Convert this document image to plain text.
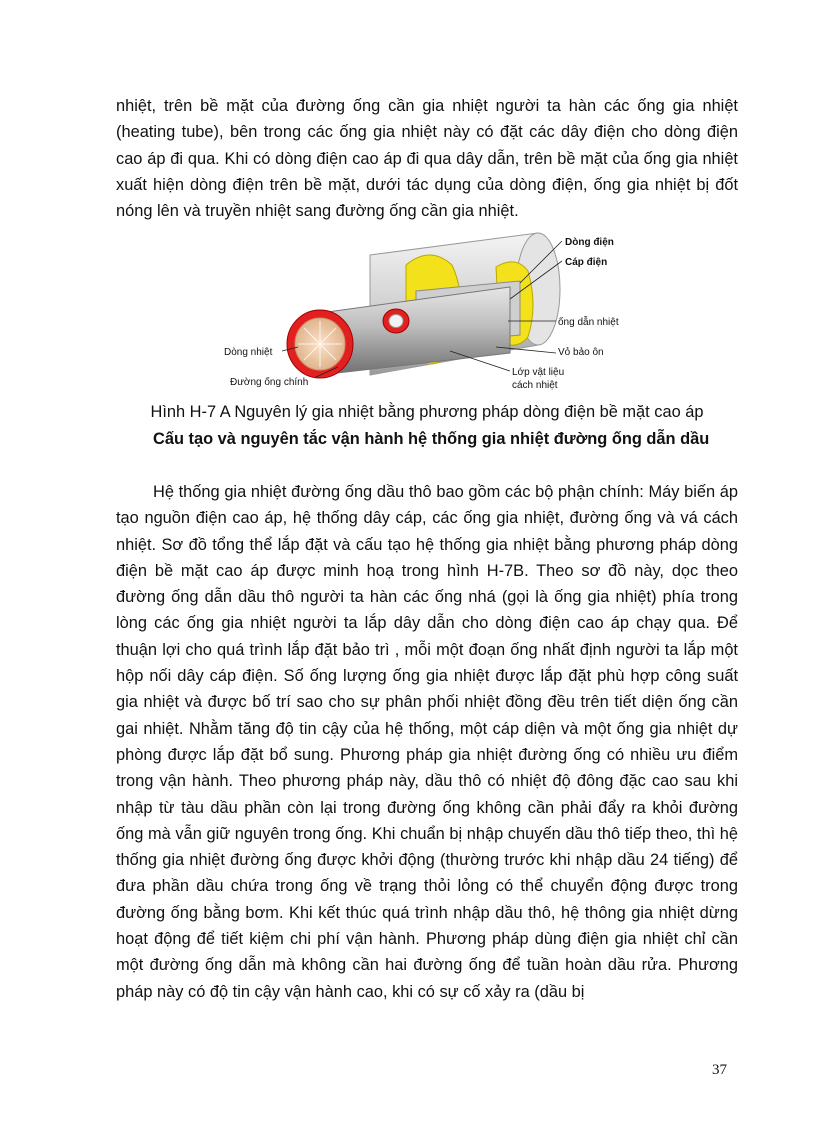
nhiệt, trên bề mặt của đường ống cần gia nhiệt người ta hàn các ống gia nhiệt (heating tube), bên trong các ống gia nhiệt này có đặt các dây điện cho dòng điện cao áp đi qua. Khi có dòng điện cao áp đi qua dây dẫn, trên bề mặt của ống gia nhiệt xuất hiện dòng điện trên bề mặt, dưới tác dụng của dòng điện, ống gia nhiệt bị đốt nóng lên và truyền nhiệt sang đường ống cần gia nhiệt.

Dòng điện
Cáp điện
ống dẫn nhiệt
Vỏ bảo ôn
Lớp vật liệu
cách nhiệt
Dòng nhiệt
Đường ống chính

Hình H-7 A Nguyên lý gia nhiệt bằng phương pháp dòng điện bề mặt cao áp

Cấu tạo và nguyên tắc vận hành hệ thống gia nhiệt đường ống dẫn dầu

Hệ thống gia nhiệt đường ống dầu thô bao gồm các bộ phận chính: Máy biến áp tạo nguồn điện cao áp, hệ thống dây cáp, các ống gia nhiệt, đường ống và vá cách nhiệt. Sơ đồ tổng thể lắp đặt và cấu tạo hệ thống gia nhiệt bằng phương pháp dòng điện bề mặt cao áp được minh hoạ trong hình H-7B. Theo sơ đồ này, dọc theo đường ống dẫn dầu thô người ta hàn các ống nhá (gọi là ống gia nhiệt) phía trong lòng các ống gia nhiệt người ta lắp dây dẫn cho dòng điện cao áp chạy qua. Để thuận lợi cho quá trình lắp đặt bảo trì , mỗi một đoạn ống nhất định người ta lắp một hộp nối dây cáp điện. Số ống lượng ống gia nhiệt được lắp đặt phù hợp công suất gia nhiệt và được bố trí sao cho sự phân phối nhiệt đồng đều trên tiết diện ống cần gai nhiệt. Nhằm tăng độ tin cậy của hệ thống, một cáp diện và một ống gia nhiệt dự phòng được lắp đặt bổ sung. Phương pháp gia nhiệt đường ống có nhiều ưu điểm trong vận hành. Theo phương pháp này, dầu thô có nhiệt độ đông đặc cao sau khi nhập từ tàu dầu phần còn lại trong đường ống không cần phải đẩy ra khỏi đường ống mà vẫn giữ nguyên trong ống. Khi chuẩn bị nhập chuyến dầu thô tiếp theo, thì hệ thống gia nhiệt đường ống được khởi động (thường trước khi nhập dầu 24 tiếng) để đưa phần dầu chứa trong ống về trạng thỏi lỏng có thể chuyển động được trong đường ống bằng bơm. Khi kết thúc quá trình nhập dầu thô, hệ thông gia nhiệt dừng hoạt động để tiết kiệm chi phí vận hành. Phương pháp dùng điện gia nhiệt chỉ cần một đường ống dẫn mà không cần hai đường ống để tuần hoàn dầu rửa. Phương pháp này có độ tin cậy vận hành cao, khi có sự cố xảy ra (dầu bị

37
